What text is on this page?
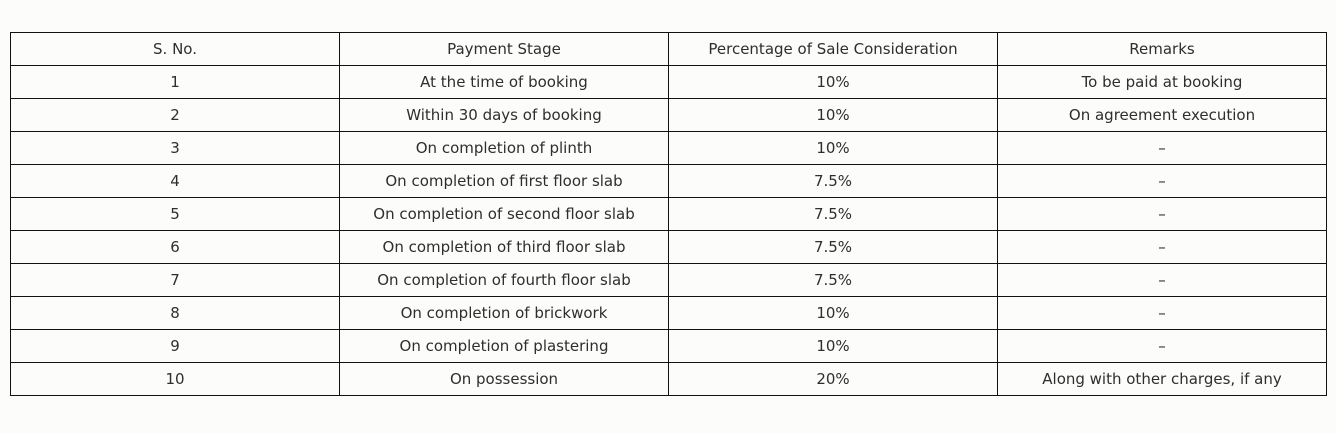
S. No.	Payment Stage	Percentage of Sale Consideration	Remarks
1	At the time of booking	10%	To be paid at booking
2	Within 30 days of booking	10%	On agreement execution
3	On completion of plinth	10%	–
4	On completion of first floor slab	7.5%	–
5	On completion of second floor slab	7.5%	–
6	On completion of third floor slab	7.5%	–
7	On completion of fourth floor slab	7.5%	–
8	On completion of brickwork	10%	–
9	On completion of plastering	10%	–
10	On possession	20%	Along with other charges, if any
